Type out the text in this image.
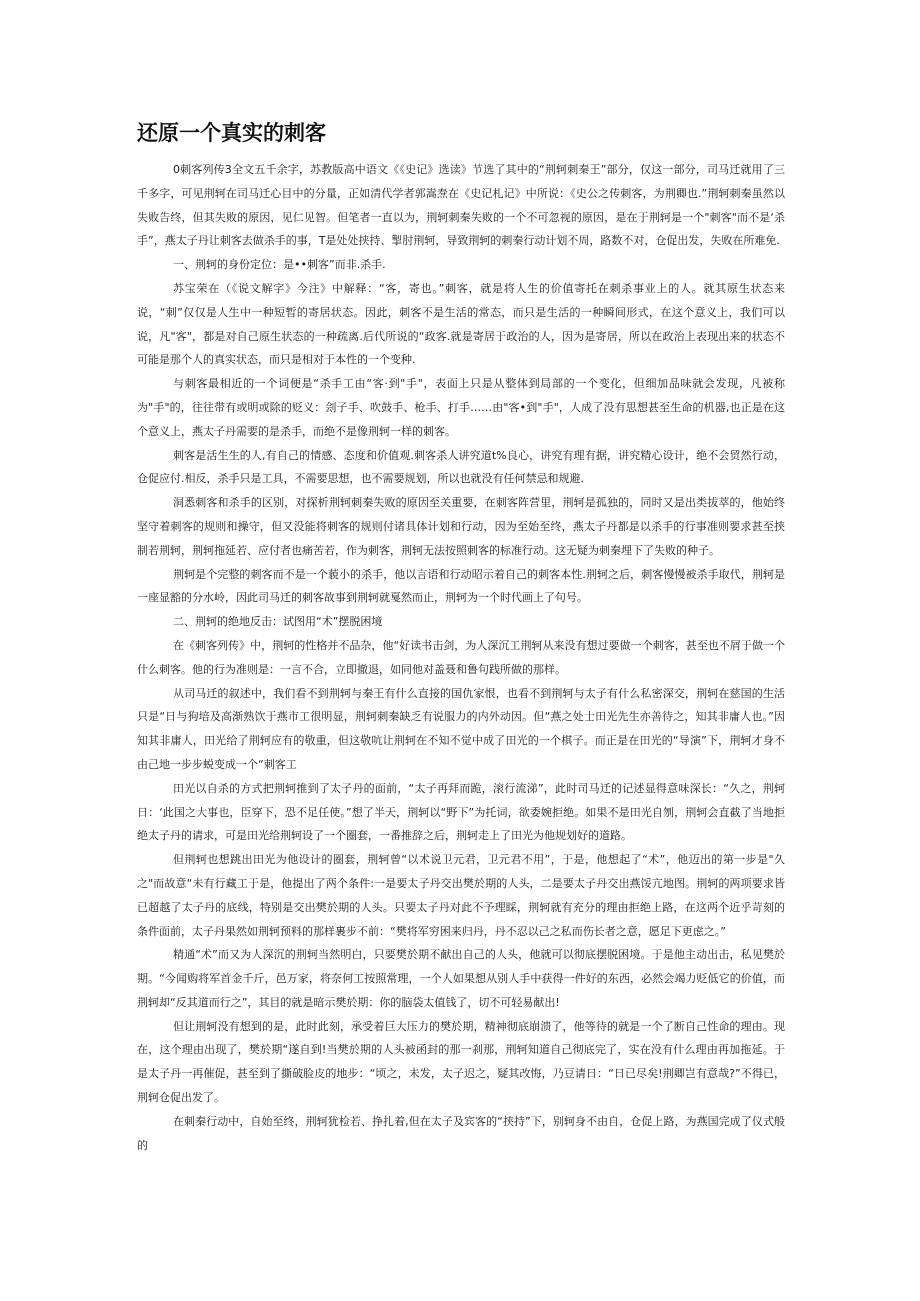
还原一个真实的刺客

0刺客列传3全文五千余字，苏教版高中语文《《史记》选读》节选了其中的“荆轲刺秦王”部分，仅这一部分，司马迁就用了三千多字，可见荆轲在司马迁心目中的分量，正如清代学者郭嵩焘在《史记札记》中所说：《史公之传刺客，为荆卿也.”荆轲刺秦虽然以失败告终，但其失败的原因，见仁见智。但笔者一直以为，荆轲刺秦失败的一个不可忽视的原因，是在于荆轲是一个"刺客"而不是‘杀手”，燕太子丹让刺客去做杀手的事，T是处处挟持、掣肘荆轲，导致荆轲的刺秦行动计划不周，路数不对，仓促出发，失败在所难免.

一、荆轲的身份定位：是••刺客”而非.杀手.

苏宝荣在（《说文解字》今注》中解释：“客，寄也。”刺客，就是将人生的价值寄托在刺杀事业上的人。就其原生状态来说，“刺”仅仅是人生中一种短暂的寄居状态。因此，刺客不是生活的常态，而只是生活的一种瞬间形式，在这个意义上，我们可以说，凡"客"，都是对自己原生状态的一种疏离.后代所说的“政客.就是寄居于政治的人，因为是寄居，所以在政治上表现出来的状态不可能是那个人的真实状态，而只是相对于本性的一个变种.

与刺客最相近的一个词便是“杀手工由“客·到"手"，表面上只是从整体到局部的一个变化，但细加品味就会发现，凡被称为"手"的，往往带有或明或除的贬义：刽子手、吹鼓手、枪手、打手……由"客•到"手"，人成了没有思想甚至生命的机器,也正是在这个意义上，燕太子丹需要的是杀手，而绝不是像荆轲一样的刺客。

刺客是活生生的人,有自己的情感、态度和价值观.刺客杀人讲究道t%良心，讲究有理有据，讲究精心设计，绝不会贸然行动，仓促应付.相反，杀手只是工具，不需要思想，也不需要规划，所以也就没有任何禁忌和规避.

洞悉刺客和杀手的区别，对探析荆轲刺秦失败的原因至关重要，在刺客阵营里，荆轲是孤独的，同时又是出类拔萃的，他始终坚守着刺客的规则和操守，但又没能将刺客的规则付诸具体计划和行动，因为至始至终，燕太子丹都是以杀手的行事准则要求甚至挟制若荆轲，荆轲拖延若、应付者也痛苦若，作为刺客，荆轲无法按照刺客的标准行动。这无疑为刺秦埋下了失败的种子。

荆轲是个完整的刺客而不是一个藐小的杀手，他以言语和行动昭示着自己的刺客本性.荆轲之后，刺客慢慢被杀手取代，荆轲是一座显豁的分水岭，因此司马迁的刺客故事到荆轲就戛然而止，荆轲为一个时代画上了句号。

二、荆轲的绝地反击：试图用“术”摆脱困境

在《刺客列传》中，荆轲的性格并不品杂，他“好读书击剑，为人深沉工荆轲从来没有想过要做一个刺客，甚至也不屑于做一个什么刺客。他的行为准则是：一言不合，立即撤退，如同他对盖聂和鲁句践所做的那样。

从司马迁的叙述中，我们看不到荆轲与秦王有什么直接的国仇家恨，也看不到荆轲与太子有什么私密深交，荆轲在慈国的生活只是“日与狗培及高渐熟饮于燕市工很明显，荆轲刺秦缺乏有说服力的内外动因。但“燕之处士田光先生亦善待之，知其非庸人也。”因知其非庸人，田光给了荆轲应有的敬重，但这敬吭让荆轲在不知不觉中成了田光的一个棋子。而正是在田光的“导演”下，荆轲才身不由己地一步步蜕变成一个“刺客工

田光以自杀的方式把荆轲推到了太子丹的面前，“太子再拜而跪，滚行流涕”，此时司马迁的记述显得意味深长：“久之，荆轲日：‘此国之大事也，臣穿下，恐不足任使。”想了半天，荆轲以“野下”为托词，欲委婉拒绝。如果不是田光自刎，荆轲会直截了当地拒绝太子丹的请求，可是田光给荆轲设了一个圈套，一番推辞之后，荆轲走上了田光为他规划好的道路。

但荆轲也想跳出田光为他设计的圈套，荆轲曾“以术说卫元君，卫元君不用”，于是，他想起了“术”，他迈出的第一步是"久之"而故意“未有行藏工于是，他提出了两个条件:一是要太子丹交出樊於期的人头，二是要太子丹交出燕馁亢地图。荆轲的两项要求皆已超越了太子丹的底线，特别是交出樊於期的人头。只要太子丹对此不予理睬，荆轲就有充分的理由拒绝上路，在这两个近乎苛刻的条件面前，太子丹果然如荆轲预料的那样裹步不前：“樊将军穷困来归丹，丹不忍以己之私而伤长者之意，愿足下更虑之。”

精通“术”而又为人深沉的荆轲当然明白，只要樊於期不献出自己的人头，他就可以彻底摆脱困境。于是他主动出击，私见樊於期。“今闻购将军首金千斤，邑万家，将奈何工按照常理，一个人如果想从别人手中获得一件好的东西，必然会竭力贬低它的价值，而荆轲却“反其道而行之”，其目的就是暗示樊於期：你的脑袋太值钱了，切不可轻易献出!

但让荆轲没有想到的是，此时此刻，承受着巨大压力的樊於期，精神彻底崩溃了，他等待的就是一个了断自己性命的理由。现在，这个理由出现了，樊於期“遂自到!当樊於期的人头被函封的那一刹那，荆轲知道自己彻底完了，实在没有什么理由再加拖延。于是太子丹一再催促，甚至到了撕破脸皮的地步：“顷之，未发，太子迟之，疑其改悔，乃豆请日：“日已尽矣!荆卿岂有意哉?”不得已，荆轲仓促出发了。

在刺秦行动中，自始至终，荆轲犹检若、挣扎着,但在太子及宾客的“挟持”下，别轲身不由自，仓促上路，为燕国完成了仪式般的
